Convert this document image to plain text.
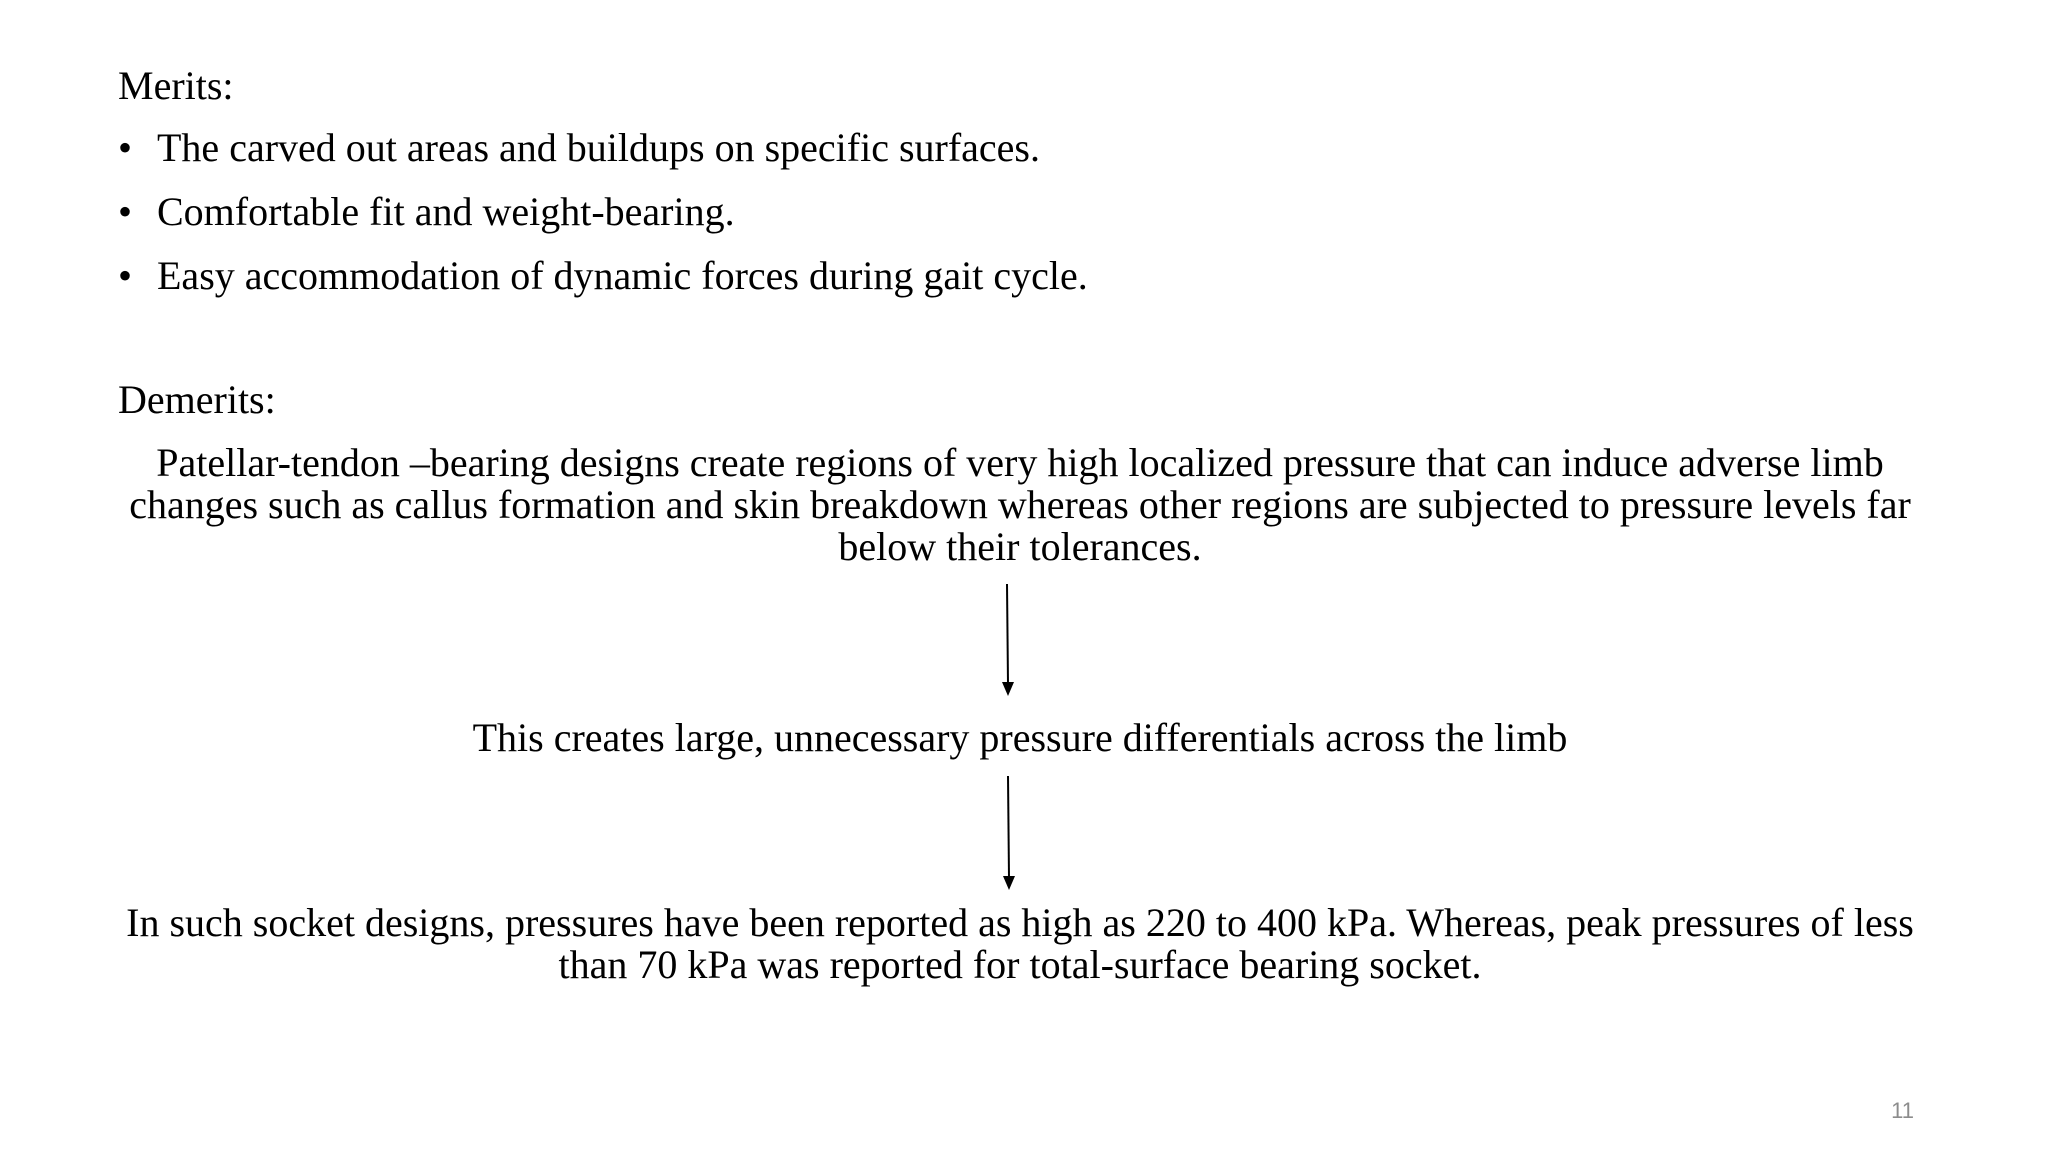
Merits:
• The carved out areas and buildups on specific surfaces.
• Comfortable fit and weight-bearing.
• Easy accommodation of dynamic forces during gait cycle.
Demerits:

Patellar-tendon –bearing designs create regions of very high localized pressure that can induce adverse limb changes such as callus formation and skin breakdown whereas other regions are subjected to pressure levels far below their tolerances.

This creates large, unnecessary pressure differentials across the limb

In such socket designs, pressures have been reported as high as 220 to 400 kPa. Whereas, peak pressures of less than 70 kPa was reported for total-surface bearing socket.

11
